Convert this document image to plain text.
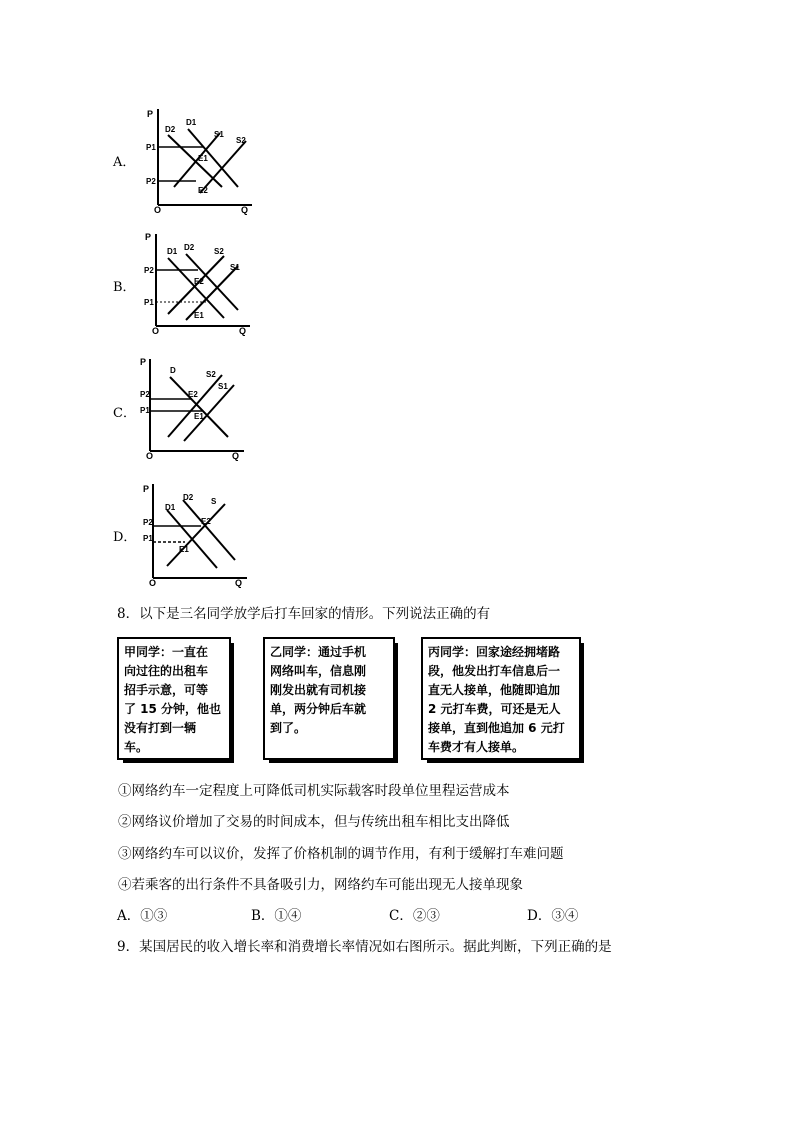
A．
P
Q
O
D2
D1
S1
S2
P1
P2
E1
E2
B．
P
Q
O
D1 D2 S2
S1
P2
P1
E2
E1
C．
P
Q
O
D	S2
S1
P2
P1
E2
E1
D．
P
Q
O
D1
D2 S
P2
P1
E2
E1
8．以下是三名同学放学后打车回家的情形。下列说法正确的有
甲同学：一直在
向过往的出租车
招手示意，可等
了 15 分钟，他也
没有打到一辆
车。
乙同学：通过手机
网络叫车，信息刚
刚发出就有司机接
单，两分钟后车就
到了。
丙同学：回家途经拥堵路
段，他发出打车信息后一
直无人接单，他随即追加
2 元打车费，可还是无人
接单，直到他追加 6 元打
车费才有人接单。
①网络约车一定程度上可降低司机实际载客时段单位里程运营成本
②网络议价增加了交易的时间成本，但与传统出租车相比支出降低
③网络约车可以议价，发挥了价格机制的调节作用，有利于缓解打车难问题
④若乘客的出行条件不具备吸引力，网络约车可能出现无人接单现象
A．①③	B．①④	C．②③	D．③④
9．某国居民的收入增长率和消费增长率情况如右图所示。据此判断，下列正确的是
